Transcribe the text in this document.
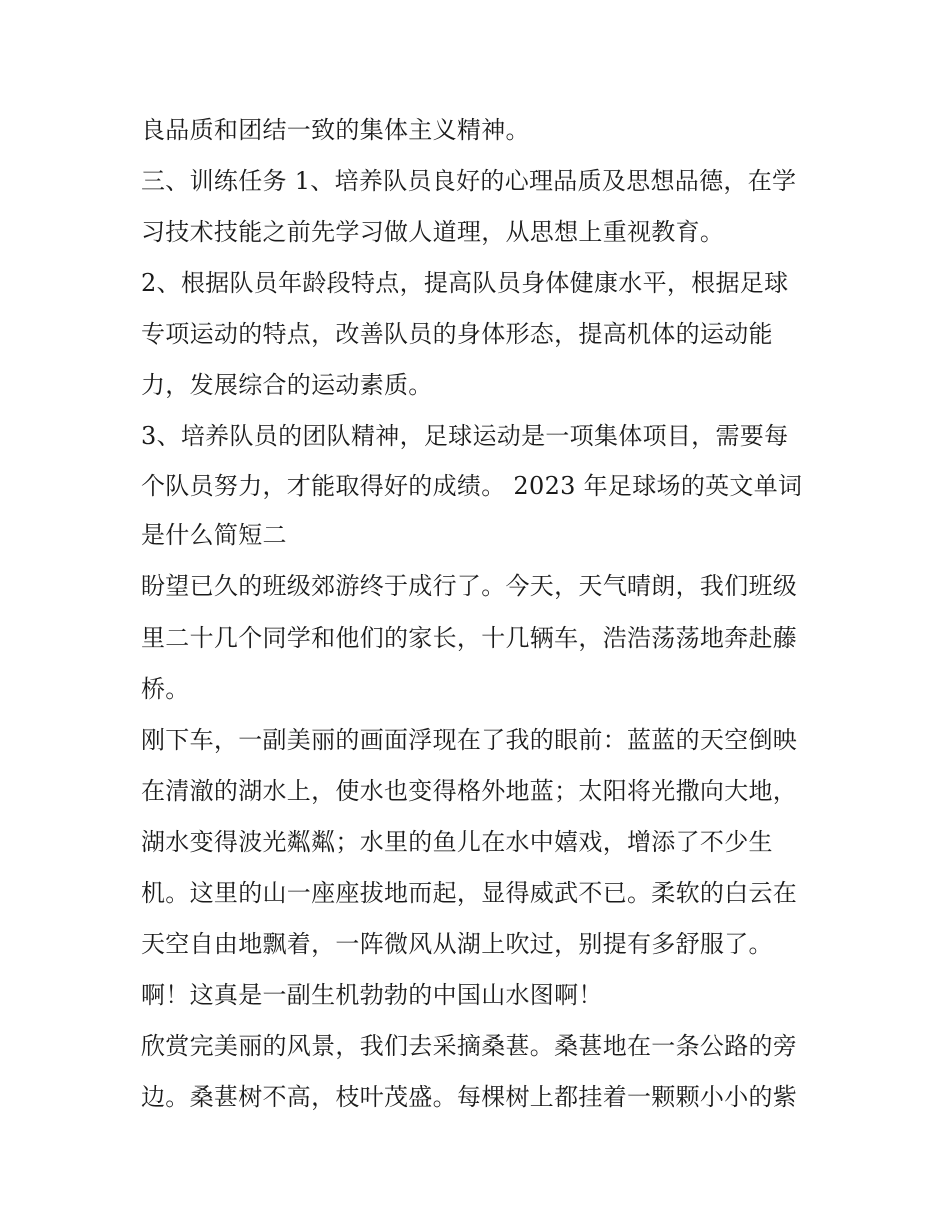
良品质和团结一致的集体主义精神。
三、训练任务 1、培养队员良好的心理品质及思想品德，在学
习技术技能之前先学习做人道理，从思想上重视教育。
2、根据队员年龄段特点，提高队员身体健康水平，根据足球
专项运动的特点，改善队员的身体形态，提高机体的运动能
力，发展综合的运动素质。
3、培养队员的团队精神，足球运动是一项集体项目，需要每
个队员努力，才能取得好的成绩。 2023 年足球场的英文单词
是什么简短二
盼望已久的班级郊游终于成行了。今天，天气晴朗，我们班级
里二十几个同学和他们的家长，十几辆车，浩浩荡荡地奔赴藤
桥。
刚下车，一副美丽的画面浮现在了我的眼前：蓝蓝的天空倒映
在清澈的湖水上，使水也变得格外地蓝；太阳将光撒向大地，
湖水变得波光粼粼；水里的鱼儿在水中嬉戏，增添了不少生
机。这里的山一座座拔地而起，显得威武不已。柔软的白云在
天空自由地飘着，一阵微风从湖上吹过，别提有多舒服了。
啊！这真是一副生机勃勃的中国山水图啊！
欣赏完美丽的风景，我们去采摘桑葚。桑葚地在一条公路的旁
边。桑葚树不高，枝叶茂盛。每棵树上都挂着一颗颗小小的紫
